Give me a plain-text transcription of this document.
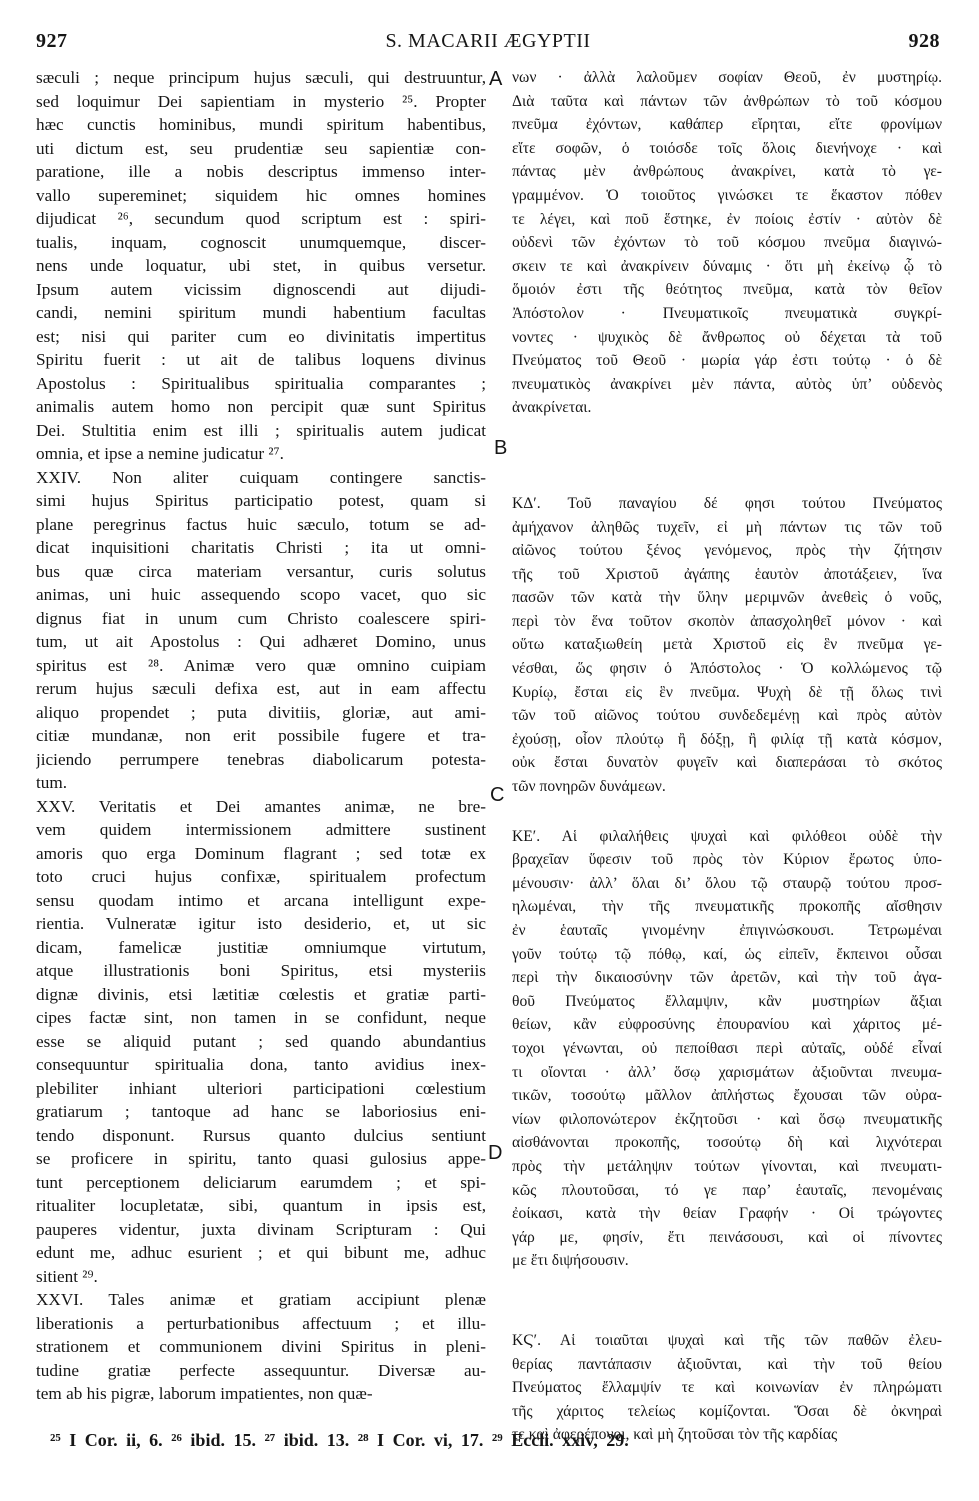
S. MACARII ÆGYPTII
927	928
sæculi ; neque principum hujus sæculi, qui destruuntur,
sed loquimur Dei sapientiam in mysterio ²⁵. Propter
hæc cunctis hominibus, mundi spiritum habentibus,
uti dictum est, seu prudentiæ seu sapientiæ con-
paratione, ille a nobis descriptus immenso inter-
vallo supereminet; siquidem hic omnes homines
dijudicat ²⁶, secundum quod scriptum est : spiri-
tualis, inquam, cognoscit unumquemque, discer-
nens unde loquatur, ubi stet, in quibus versetur.
Ipsum autem vicissim dignoscendi aut dijudi-
candi, nemini spiritum mundi habentium facultas
est; nisi qui pariter cum eo divinitatis impertitus
Spiritu fuerit : ut ait de talibus loquens divinus
Apostolus : Spiritualibus spiritualia comparantes ;
animalis autem homo non percipit quæ sunt Spiritus
Dei. Stultitia enim est illi ; spiritualis autem judicat
omnia, et ipse a nemine judicatur ²⁷.
XXIV. Non aliter cuiquam contingere sanctis-
simi hujus Spiritus participatio potest, quam si
plane peregrinus factus huic sæculo, totum se ad-
dicat inquisitioni charitatis Christi ; ita ut omni-
bus quæ circa materiam versantur, curis solutus
animas, uni huic assequendo scopo vacet, quo sic
dignus fiat in unum cum Christo coalescere spiri-
tum, ut ait Apostolus : Qui adhæret Domino, unus
spiritus est ²⁸. Animæ vero quæ omnino cuipiam
rerum hujus sæculi defixa est, aut in eam affectu
aliquo propendet ; puta divitiis, gloriæ, aut ami-
citiæ mundanæ, non erit possibile fugere et tra-
jiciendo perrumpere tenebras diabolicarum potesta-
tum.
XXV. Veritatis et Dei amantes animæ, ne bre-
vem quidem intermissionem admittere sustinent
amoris quo erga Dominum flagrant ; sed totæ ex
toto cruci hujus confixæ, spiritualem profectum
sensu quodam intimo et arcana intelligunt expe-
rientia. Vulneratæ igitur isto desiderio, et, ut sic
dicam, famelicæ justitiæ omniumque virtutum,
atque illustrationis boni Spiritus, etsi mysteriis
dignæ divinis, etsi lætitiæ cœlestis et gratiæ parti-
cipes factæ sint, non tamen in se confidunt, neque
esse se aliquid putant ; sed quando abundantius
consequuntur spiritualia dona, tanto avidius inex-
plebiliter inhiant ulteriori participationi cœlestium
gratiarum ; tantoque ad hanc se laboriosius eni-
tendo disponunt. Rursus quanto dulcius sentiunt
se proficere in spiritu, tanto quasi gulosius appe-
tunt perceptionem deliciarum earumdem ; et spi-
ritualiter locupletatæ, sibi, quantum in ipsis est,
pauperes videntur, juxta divinam Scripturam : Qui
edunt me, adhuc esurient ; et qui bibunt me, adhuc
sitient ²⁹.
XXVI. Tales animæ et gratiam accipiunt plenæ
liberationis a perturbationibus affectuum ; et illu-
strationem et communionem divini Spiritus in pleni-
tudine gratiæ perfecte assequuntur. Diversæ au-
tem ab his pigræ, laborum impatientes, non quæ-
νων · ἀλλὰ λαλοῦμεν σοφίαν Θεοῦ, ἐν μυστηρίῳ.
Διὰ ταῦτα καὶ πάντων τῶν ἀνθρώπων τὸ τοῦ κόσμου
πνεῦμα ἐχόντων, καθάπερ εἴρηται, εἴτε φρονίμων
εἴτε σοφῶν, ὁ τοιόσδε τοῖς ὅλοις διενήνοχε · καὶ
πάντας μὲν ἀνθρώπους ἀνακρίνει, κατὰ τὸ γε-
γραμμένον. Ὁ τοιοῦτος γινώσκει τε ἕκαστον πόθεν
τε λέγει, καὶ ποῦ ἕστηκε, ἐν ποίοις ἐστίν · αὐτὸν δὲ
οὐδενὶ τῶν ἐχόντων τὸ τοῦ κόσμου πνεῦμα διαγινώ-
σκειν τε καὶ ἀνακρίνειν δύναμις · ὅτι μὴ ἐκείνῳ ᾧ τὸ
ὅμοιόν ἐστι τῆς θεότητος πνεῦμα, κατὰ τὸν θεῖον
Ἀπόστολον · Πνευματικοῖς πνευματικὰ συγκρί-
νοντες · ψυχικὸς δὲ ἄνθρωπος οὐ δέχεται τὰ τοῦ
Πνεύματος τοῦ Θεοῦ · μωρία γάρ ἐστι τούτῳ · ὁ δὲ
πνευματικὸς ἀνακρίνει μὲν πάντα, αὐτὸς ὑπ’ οὐδενὸς
ἀνακρίνεται.
ΚΔ′. Τοῦ παναγίου δέ φησι τούτου Πνεύματος
ἀμήχανον ἀληθῶς τυχεῖν, εἰ μὴ πάντων τις τῶν τοῦ
αἰῶνος τούτου ξένος γενόμενος, πρὸς τὴν ζήτησιν
τῆς τοῦ Χριστοῦ ἀγάπης ἑαυτὸν ἀποτάξειεν, ἵνα
πασῶν τῶν κατὰ τὴν ὕλην μεριμνῶν ἀνεθεὶς ὁ νοῦς,
περὶ τὸν ἕνα τοῦτον σκοπὸν ἀπασχοληθεῖ μόνον · καὶ
οὕτω καταξιωθείη μετὰ Χριστοῦ εἰς ἓν πνεῦμα γε-
νέσθαι, ὥς φησιν ὁ Ἀπόστολος · Ὁ κολλώμενος τῷ
Κυρίῳ, ἔσται εἰς ἓν πνεῦμα. Ψυχὴ δὲ τῇ ὅλως τινὶ
τῶν τοῦ αἰῶνος τούτου συνδεδεμένῃ καὶ πρὸς αὐτὸν
ἐχούσῃ, οἷον πλούτῳ ἢ δόξῃ, ἢ φιλίᾳ τῇ κατὰ κόσμον,
οὐκ ἔσται δυνατὸν φυγεῖν καὶ διαπεράσαι τὸ σκότος
τῶν πονηρῶν δυνάμεων.
ΚΕ′. Αἱ φιλαλήθεις ψυχαὶ καὶ φιλόθεοι οὐδὲ τὴν
βραχεῖαν ὕφεσιν τοῦ πρὸς τὸν Κύριον ἔρωτος ὑπο-
μένουσιν· ἀλλ’ ὅλαι δι’ ὅλου τῷ σταυρῷ τούτου προσ-
ηλωμέναι, τὴν τῆς πνευματικῆς προκοπῆς αἴσθησιν
ἐν ἑαυταῖς γινομένην ἐπιγινώσκουσι. Τετρωμέναι
γοῦν τούτῳ τῷ πόθῳ, καί, ὡς εἰπεῖν, ἔκπεινοι οὖσαι
περὶ τὴν δικαιοσύνην τῶν ἀρετῶν, καὶ τὴν τοῦ ἀγα-
θοῦ Πνεύματος ἔλλαμψιν, κἂν μυστηρίων ἄξιαι
θείων, κἂν εὐφροσύνης ἐπουρανίου καὶ χάριτος μέ-
τοχοι γένωνται, οὐ πεποίθασι περὶ αὐταῖς, οὐδέ εἶναί
τι οἴονται · ἀλλ’ ὅσῳ χαρισμάτων ἀξιοῦνται πνευμα-
τικῶν, τοσούτῳ μᾶλλον ἀπλήστως ἔχουσαι τῶν οὐρα-
νίων φιλοπονώτερον ἐκζητοῦσι · καὶ ὅσῳ πνευματικῆς
αἰσθάνονται προκοπῆς, τοσούτῳ δὴ καὶ λιχνότεραι
πρὸς τὴν μετάληψιν τούτων γίνονται, καὶ πνευματι-
κῶς πλουτοῦσαι, τό γε παρ’ ἑαυταῖς, πενομέναις
ἐοίκασι, κατὰ τὴν θείαν Γραφήν · Οἱ τρώγοντες
γάρ με, φησίν, ἔτι πεινάσουσι, καὶ οἱ πίνοντες
με ἔτι διψήσουσιν.
ΚϚ′. Αἱ τοιαῦται ψυχαὶ καὶ τῆς τῶν παθῶν ἐλευ-
θερίας παντάπασιν ἀξιοῦνται, καὶ τὴν τοῦ θείου
Πνεύματος ἔλλαμψίν τε καὶ κοινωνίαν ἐν πληρώματι
τῆς χάριτος τελείως κομίζονται. Ὅσαι δὲ ὀκνηραὶ
τε καὶ ἀφερέπονοι, καὶ μὴ ζητοῦσαι τὸν τῆς καρδίας
A
B
C
D
²⁵ I Cor. ii, 6. ²⁶ ibid. 15. ²⁷ ibid. 13. ²⁸ I Cor. vi, 17. ²⁹ Eccli. xxiv, 29.
